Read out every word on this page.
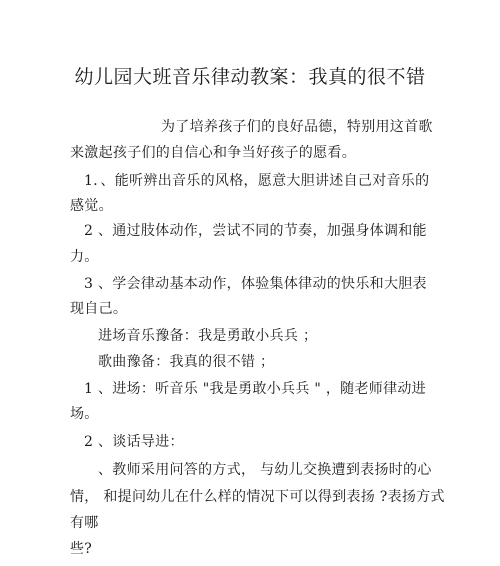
幼儿园大班音乐律动教案：我真的很不错
为了培养孩子们的良好品德，特别用这首歌
来激起孩子们的自信心和争当好孩子的愿看。
1．、能听辨出音乐的风格，愿意大胆讲述自己对音乐的
感觉。
2 、通过肢体动作，尝试不同的节奏，加强身体调和能
力。
3 、学会律动基本动作，体验集体律动的快乐和大胆表
现自己。
进场音乐豫备：我是勇敢小兵兵 ；
歌曲豫备：我真的很不错 ；
1 、进场：听音乐 "我是勇敢小兵兵 " ，随老师律动进
场。
2 、谈话导进：
、教师采用问答的方式， 与幼儿交换遭到表扬时的心
情， 和提问幼儿在什么样的情况下可以得到表扬 ?表扬方式
有哪
些?
